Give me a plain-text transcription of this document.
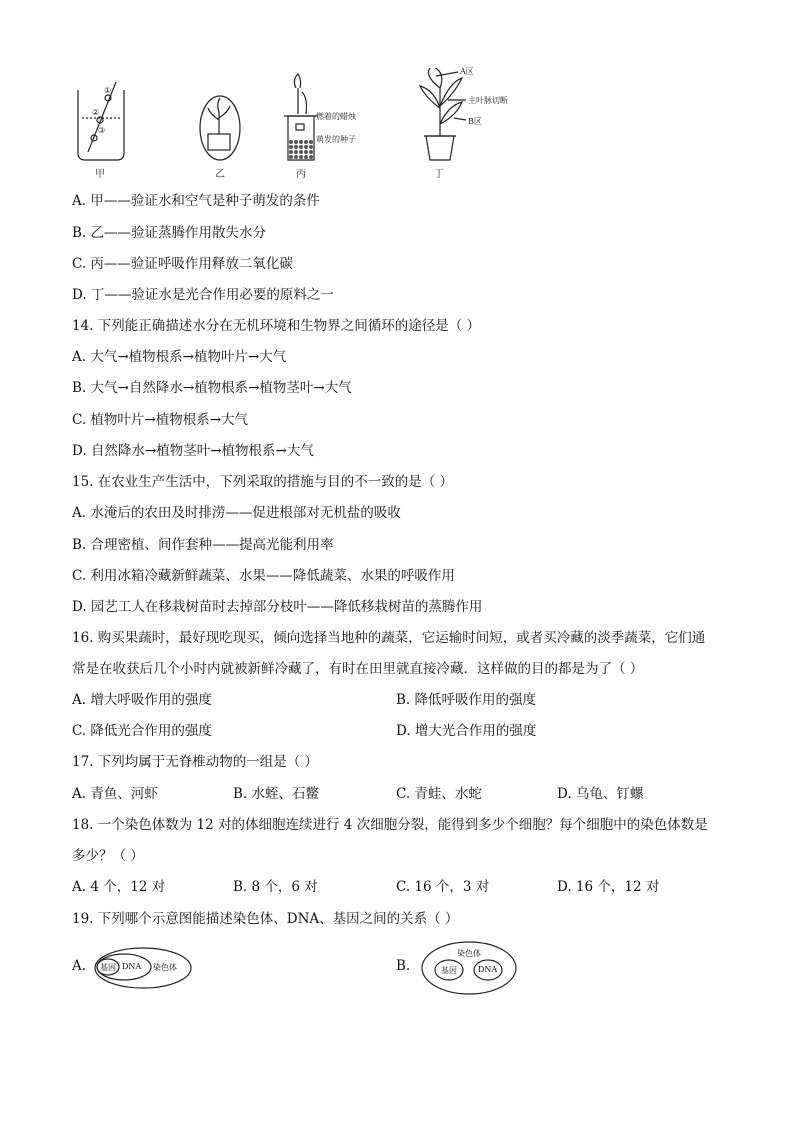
①
②
③
燃着的蜡烛
萌发的种子
A区
主叶脉切断
B区
甲	乙	丙	丁
A. 甲——验证水和空气是种子萌发的条件
B. 乙——验证蒸腾作用散失水分
C. 丙——验证呼吸作用释放二氧化碳
D. 丁——验证水是光合作用必要的原料之一
14. 下列能正确描述水分在无机环境和生物界之间循环的途径是（ ）
A. 大气→植物根系→植物叶片→大气
B. 大气→自然降水→植物根系→植物茎叶→大气
C. 植物叶片→植物根系→大气
D. 自然降水→植物茎叶→植物根系→大气
15. 在农业生产生活中，下列采取的措施与目的不一致的是（ ）
A. 水淹后的农田及时排涝——促进根部对无机盐的吸收
B. 合理密植、间作套种——提高光能利用率
C. 利用冰箱冷藏新鲜蔬菜、水果——降低蔬菜、水果的呼吸作用
D. 园艺工人在移栽树苗时去掉部分枝叶——降低移栽树苗的蒸腾作用
16. 购买果蔬时，最好现吃现买，倾向选择当地种的蔬菜，它运输时间短，或者买冷藏的淡季蔬菜，它们通
常是在收获后几个小时内就被新鲜冷藏了，有时在田里就直接冷藏．这样做的目的都是为了（ ）
A. 增大呼吸作用的强度	B. 降低呼吸作用的强度
C. 降低光合作用的强度	D. 增大光合作用的强度
17. 下列均属于无脊椎动物的一组是（ ）
A. 青鱼、河虾	B. 水蛭、石鳖	C. 青蛙、水蛇	D. 乌龟、钉螺
18. 一个染色体数为 12 对的体细胞连续进行 4 次细胞分裂，能得到多少个细胞？每个细胞中的染色体数是
多少？（ ）
A. 4 个，12 对	B. 8 个，6 对	C. 16 个，3 对	D. 16 个，12 对
19. 下列哪个示意图能描述染色体、DNA、基因之间的关系（ ）
A. 基因 DNA 染色体	B.
染色体
基因	DNA
